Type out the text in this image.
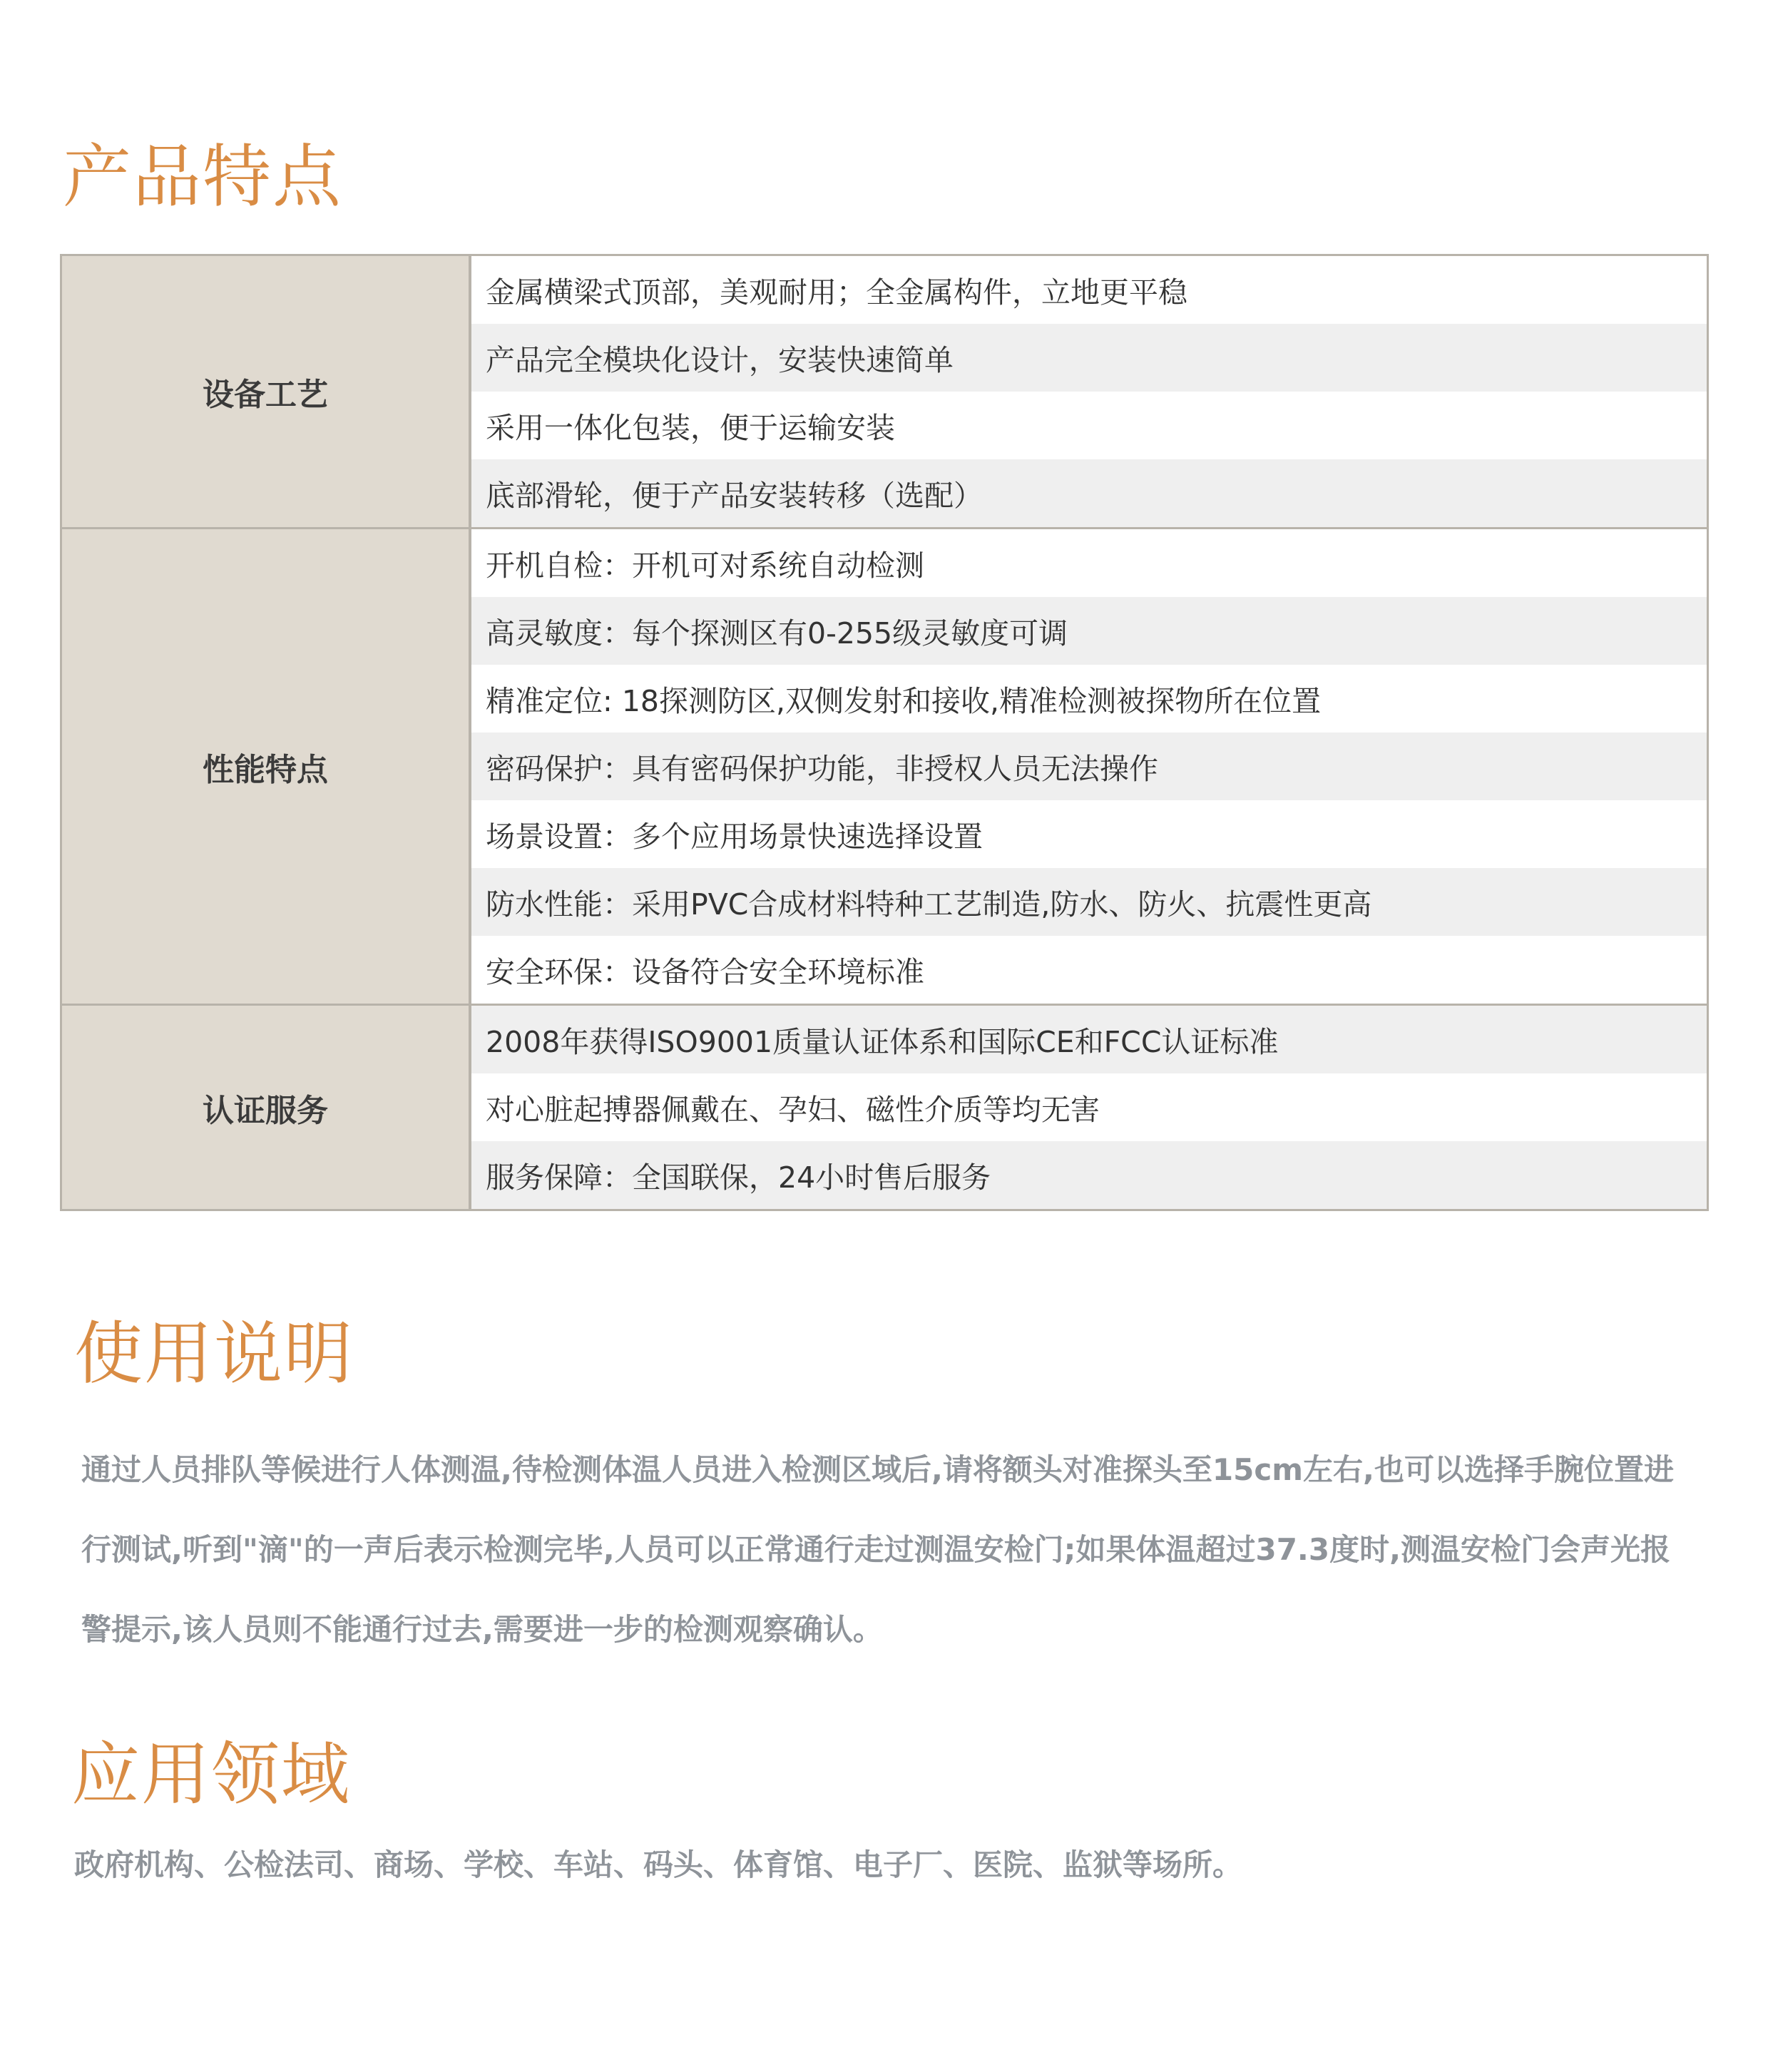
产品特点
设备工艺
金属横梁式顶部，美观耐用；全金属构件，立地更平稳
产品完全模块化设计，安装快速简单
采用一体化包装，便于运输安装
底部滑轮，便于产品安装转移（选配）
性能特点
开机自检：开机可对系统自动检测
高灵敏度：每个探测区有0-255级灵敏度可调
精准定位: 18探测防区,双侧发射和接收,精准检测被探物所在位置
密码保护：具有密码保护功能，非授权人员无法操作
场景设置：多个应用场景快速选择设置
防水性能：采用PVC合成材料特种工艺制造,防水、防火、抗震性更高
安全环保：设备符合安全环境标准
认证服务
2008年获得ISO9001质量认证体系和国际CE和FCC认证标准
对心脏起搏器佩戴在、孕妇、磁性介质等均无害
服务保障：全国联保，24小时售后服务
使用说明

通过人员排队等候进行人体测温,待检测体温人员进入检测区域后,请将额头对准探头至15cm左右,也可以选择手腕位置进行测试,听到"滴"的一声后表示检测完毕,人员可以正常通行走过测温安检门;如果体温超过37.3度时,测温安检门会声光报警提示,该人员则不能通行过去,需要进一步的检测观察确认。

应用领域

政府机构、公检法司、商场、学校、车站、码头、体育馆、电子厂、医院、监狱等场所。
